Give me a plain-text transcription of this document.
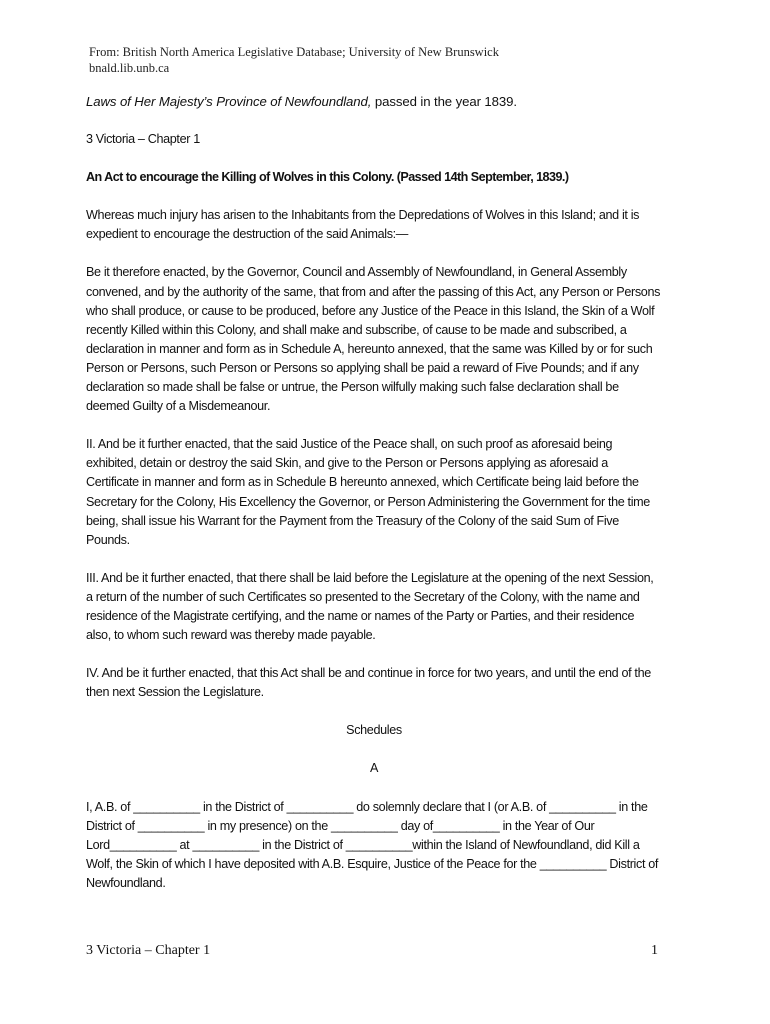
From: British North America Legislative Database; University of New Brunswick
bnald.lib.unb.ca

Laws of Her Majesty’s Province of Newfoundland, passed in the year 1839.

3 Victoria – Chapter 1

An Act to encourage the Killing of Wolves in this Colony. (Passed 14th September, 1839.)

Whereas much injury has arisen to the Inhabitants from the Depredations of Wolves in this Island; and it is expedient to encourage the destruction of the said Animals:—

Be it therefore enacted, by the Governor, Council and Assembly of Newfoundland, in General Assembly convened, and by the authority of the same, that from and after the passing of this Act, any Person or Persons who shall produce, or cause to be produced, before any Justice of the Peace in this Island, the Skin of a Wolf recently Killed within this Colony, and shall make and subscribe, of cause to be made and subscribed, a declaration in manner and form as in Schedule A, hereunto annexed, that the same was Killed by or for such Person or Persons, such Person or Persons so applying shall be paid a reward of Five Pounds; and if any declaration so made shall be false or untrue, the Person wilfully making such false declaration shall be deemed Guilty of a Misdemeanour.

II. And be it further enacted, that the said Justice of the Peace shall, on such proof as aforesaid being exhibited, detain or destroy the said Skin, and give to the Person or Persons applying as aforesaid a Certificate in manner and form as in Schedule B hereunto annexed, which Certificate being laid before the Secretary for the Colony, His Excellency the Governor, or Person Administering the Government for the time being, shall issue his Warrant for the Payment from the Treasury of the Colony of the said Sum of Five Pounds.

III. And be it further enacted, that there shall be laid before the Legislature at the opening of the next Session, a return of the number of such Certificates so presented to the Secretary of the Colony, with the name and residence of the Magistrate certifying, and the name or names of the Party or Parties, and their residence also, to whom such reward was thereby made payable.

IV. And be it further enacted, that this Act shall be and continue in force for two years, and until the end of the then next Session the Legislature.

Schedules

A

I, A.B. of __________ in the District of __________ do solemnly declare that I (or A.B. of __________ in the District of __________ in my presence) on the __________ day of__________ in the Year of Our Lord__________ at __________ in the District of __________within the Island of Newfoundland, did Kill a Wolf, the Skin of which I have deposited with A.B. Esquire, Justice of the Peace for the __________ District of Newfoundland.

3 Victoria – Chapter 1	1
